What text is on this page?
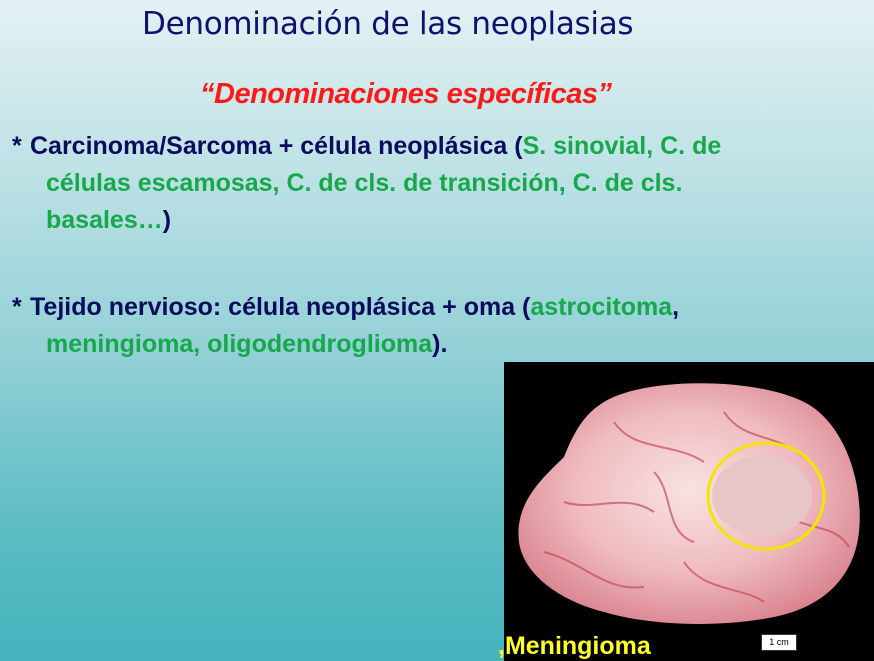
Denominación de las neoplasias
“Denominaciones específicas”
* Carcinoma/Sarcoma + célula neoplásica (S. sinovial, C. de
células escamosas, C. de cls. de transición, C. de cls.
basales…)
* Tejido nervioso: célula neoplásica + oma (astrocitoma,
meningioma, oligodendroglioma).
,Meningioma	1 cm
